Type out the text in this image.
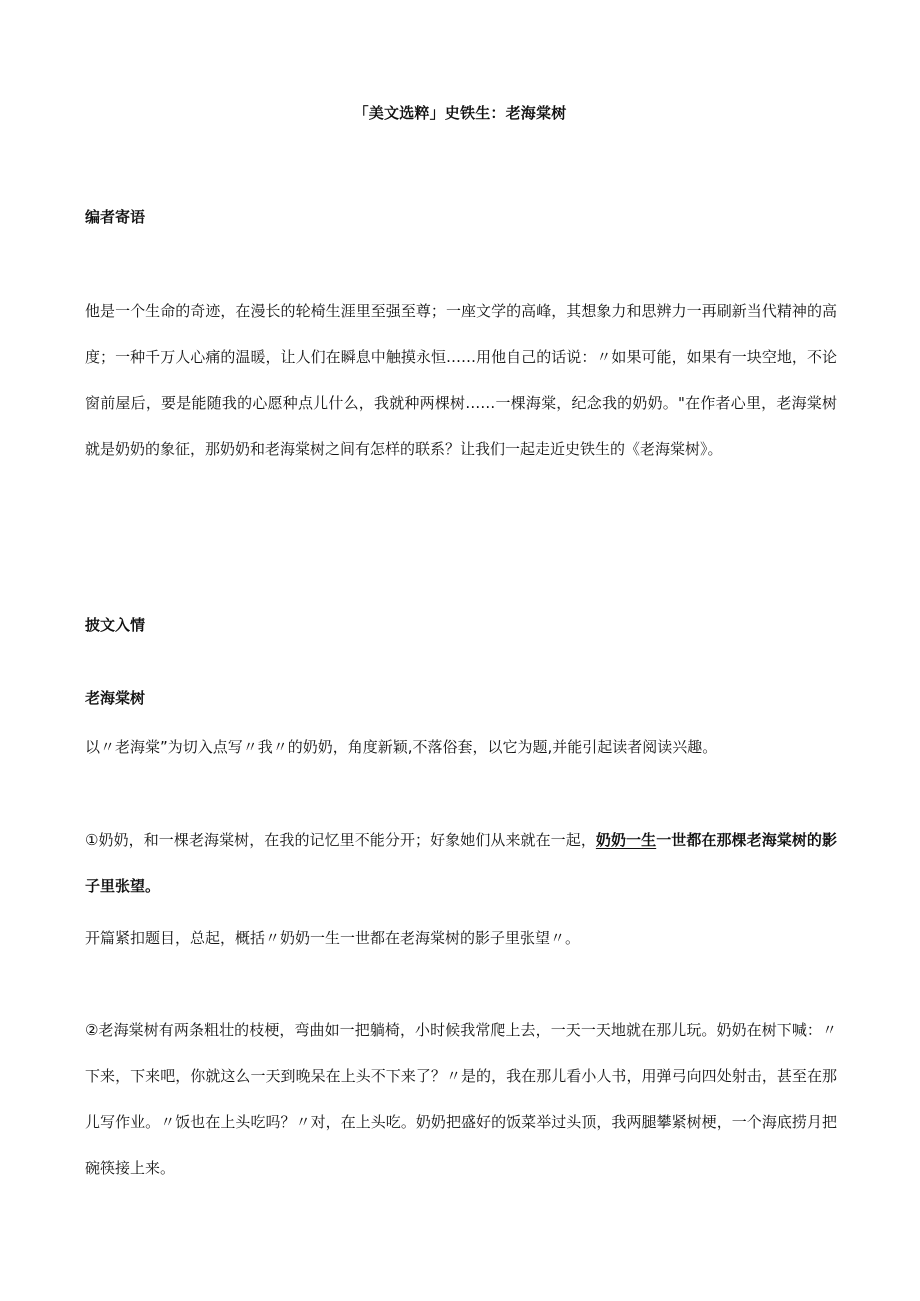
「美文选粹」史铁生：老海棠树
编者寄语

他是一个生命的奇迹，在漫长的轮椅生涯里至强至尊；一座文学的高峰，其想象力和思辨力一再刷新当代精神的高度；一种千万人心痛的温暖，让人们在瞬息中触摸永恒……用他自己的话说：〃如果可能，如果有一块空地，不论窗前屋后，要是能随我的心愿种点儿什么，我就种两棵树……一棵海棠，纪念我的奶奶。"在作者心里，老海棠树就是奶奶的象征，那奶奶和老海棠树之间有怎样的联系？让我们一起走近史铁生的《老海棠树》。

披文入情
老海棠树

以〃老海棠”为切入点写〃我〃的奶奶，角度新颖,不落俗套，以它为题,并能引起读者阅读兴趣。

①奶奶，和一棵老海棠树，在我的记忆里不能分开；好象她们从来就在一起，奶奶一生一世都在那棵老海棠树的影子里张望。

开篇紧扣题目，总起，概括〃奶奶一生一世都在老海棠树的影子里张望〃。

②老海棠树有两条粗壮的枝梗，弯曲如一把躺椅，小时候我常爬上去，一天一天地就在那儿玩。奶奶在树下喊：〃下来，下来吧，你就这么一天到晚呆在上头不下来了？〃是的，我在那儿看小人书，用弹弓向四处射击，甚至在那儿写作业。〃饭也在上头吃吗？〃对，在上头吃。奶奶把盛好的饭菜举过头顶，我两腿攀紧树梗，一个海底捞月把碗筷接上来。
